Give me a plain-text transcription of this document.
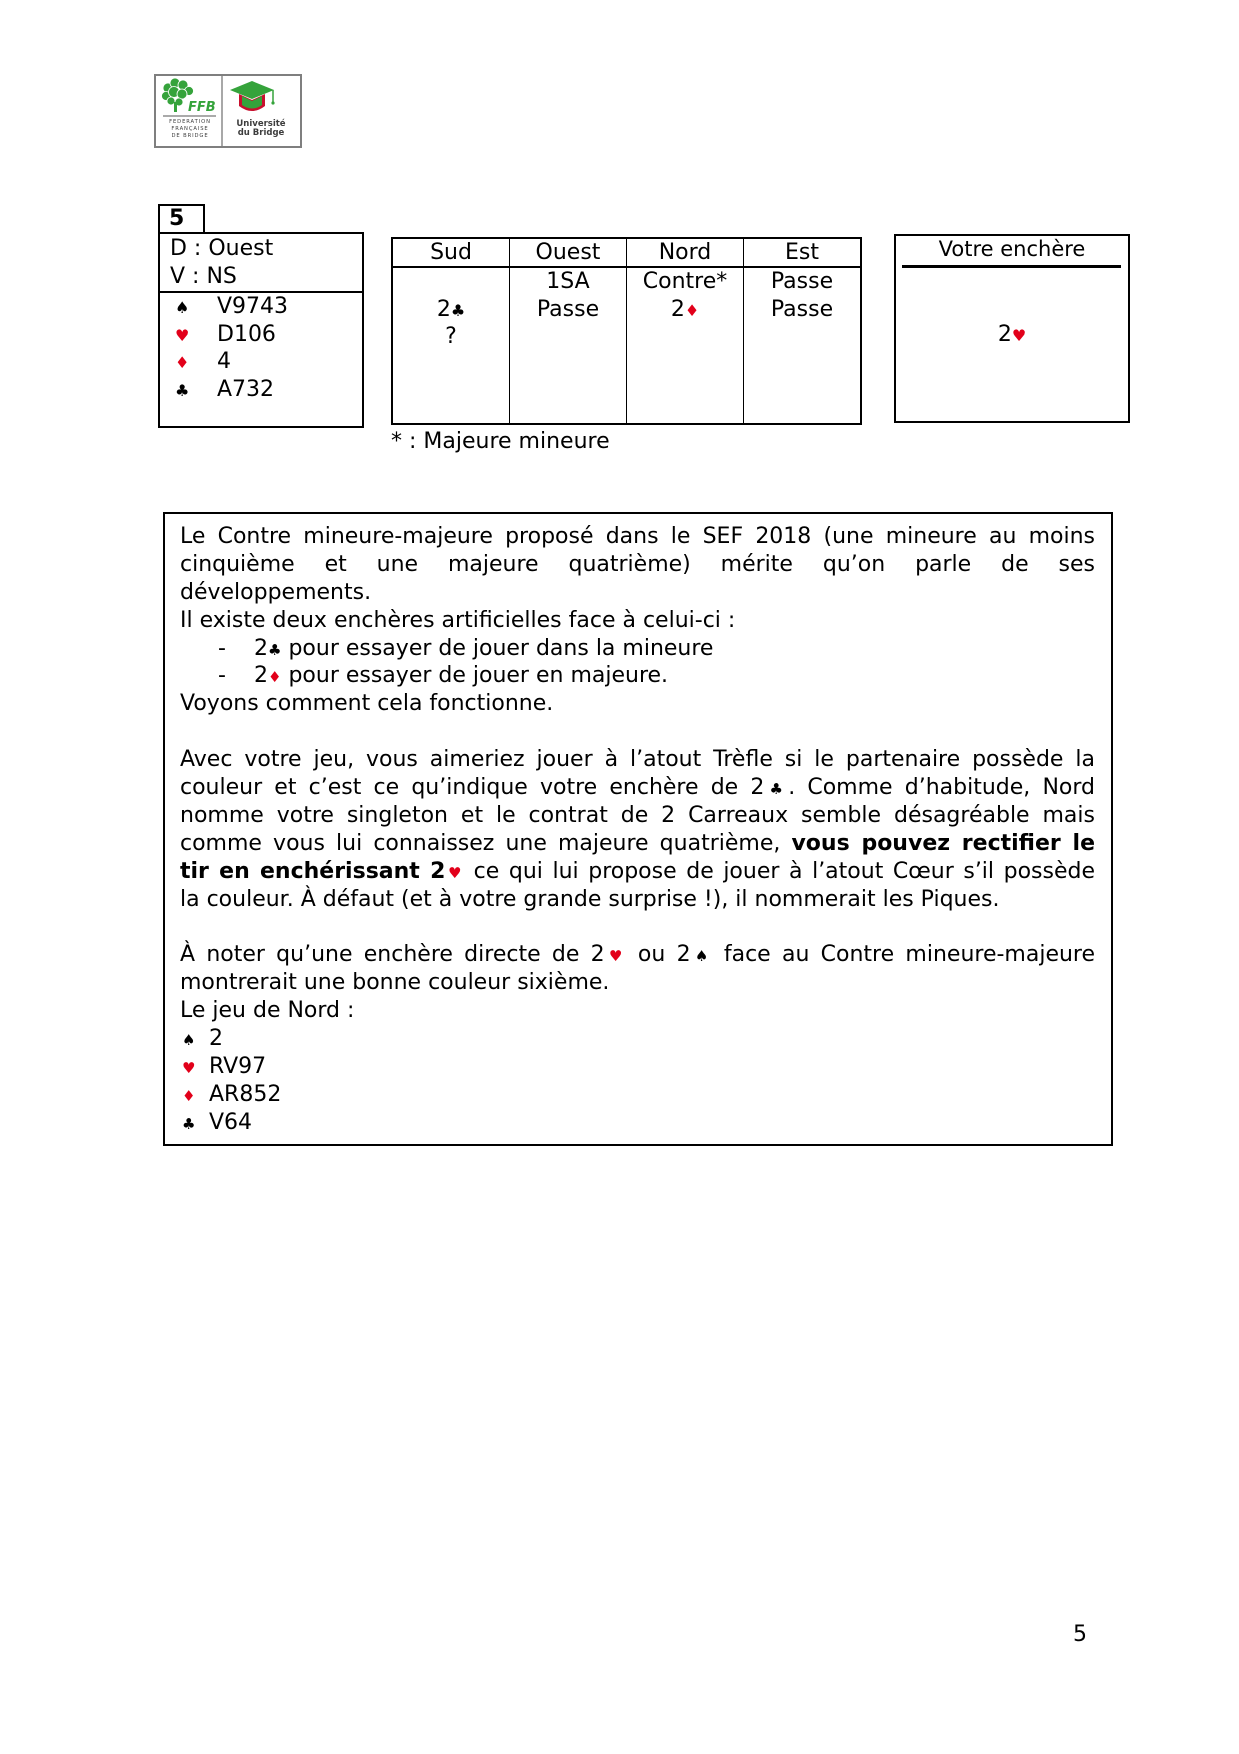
FFB
FEDERATION
FRANÇAISE
DE BRIDGE
Université
du Bridge
5
D : Ouest
V : NS
♠ V9743
♥ D106
♦ 4
♣ A732
Sud
2♣
?
Ouest
1SA
Passe
Nord
Contre*
2♦
Est
Passe
Passe
* : Majeure mineure
Votre enchère
2♥
Le Contre mineure-majeure proposé dans le SEF 2018 (une mineure au moins
cinquième et une majeure quatrième) mérite qu’on parle de ses
développements.
Il existe deux enchères artificielles face à celui-ci :
- 2♣ pour essayer de jouer dans la mineure
- 2♦ pour essayer de jouer en majeure.
Voyons comment cela fonctionne.
Avec votre jeu, vous aimeriez jouer à l’atout Trèfle si le partenaire possède la
couleur et c’est ce qu’indique votre enchère de 2♣. Comme d’habitude, Nord
nomme votre singleton et le contrat de 2 Carreaux semble désagréable mais
comme vous lui connaissez une majeure quatrième, vous pouvez rectifier le
tir en enchérissant 2♥ ce qui lui propose de jouer à l’atout Cœur s’il possède
la couleur. À défaut (et à votre grande surprise !), il nommerait les Piques.
À noter qu’une enchère directe de 2♥ ou 2♠ face au Contre mineure-majeure
montrerait une bonne couleur sixième.
Le jeu de Nord :
♠ 2
♥ RV97
♦ AR852
♣ V64
5
